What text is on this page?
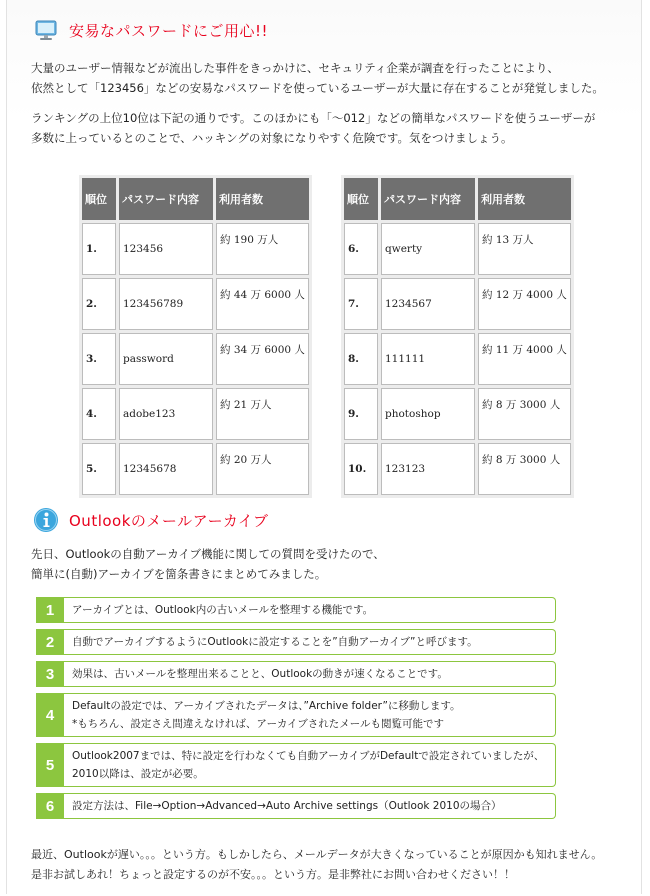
安易なパスワードにご用心!!

大量のユーザー情報などが流出した事件をきっかけに、セキュリティ企業が調査を行ったことにより、
依然として「123456」などの安易なパスワードを使っているユーザーが大量に存在することが発覚しました。

ランキングの上位10位は下記の通りです。このほかにも「～012」などの簡単なパスワードを使うユーザーが
多数に上っているとのことで、ハッキングの対象になりやすく危険です。気をつけましょう。

順位	パスワード内容	利用者数
1.	123456	約 190 万人
2.	123456789	約 44 万 6000 人
3.	password	約 34 万 6000 人
4.	adobe123	約 21 万人
5.	12345678	約 20 万人
順位	パスワード内容	利用者数
6.	qwerty	約 13 万人
7.	1234567	約 12 万 4000 人
8.	111111	約 11 万 4000 人
9.	photoshop	約 8 万 3000 人
10.	123123	約 8 万 3000 人
Outlookのメールアーカイブ

先日、Outlookの自動アーカイブ機能に関しての質問を受けたので、
簡単に(自動)アーカイブを箇条書きにまとめてみました。

1	アーカイブとは、Outlook内の古いメールを整理する機能です。
2	自動でアーカイブするようにOutlookに設定することを”自動アーカイブ”と呼びます。
3	効果は、古いメールを整理出来ることと、Outlookの動きが速くなることです。
4
Defaultの設定では、アーカイブされたデータは、”Archive folder”に移動します。
*もちろん、設定さえ間違えなければ、アーカイブされたメールも閲覧可能です
5
Outlook2007までは、特に設定を行わなくても自動アーカイブがDefaultで設定されていましたが、
2010以降は、設定が必要。
6	設定方法は、File→Option→Advanced→Auto Archive settings（Outlook 2010の場合）

最近、Outlookが遅い。。。という方。もしかしたら、メールデータが大きくなっていることが原因かも知れません。
是非お試しあれ！ちょっと設定するのが不安。。。という方。是非弊社にお問い合わせください！！
